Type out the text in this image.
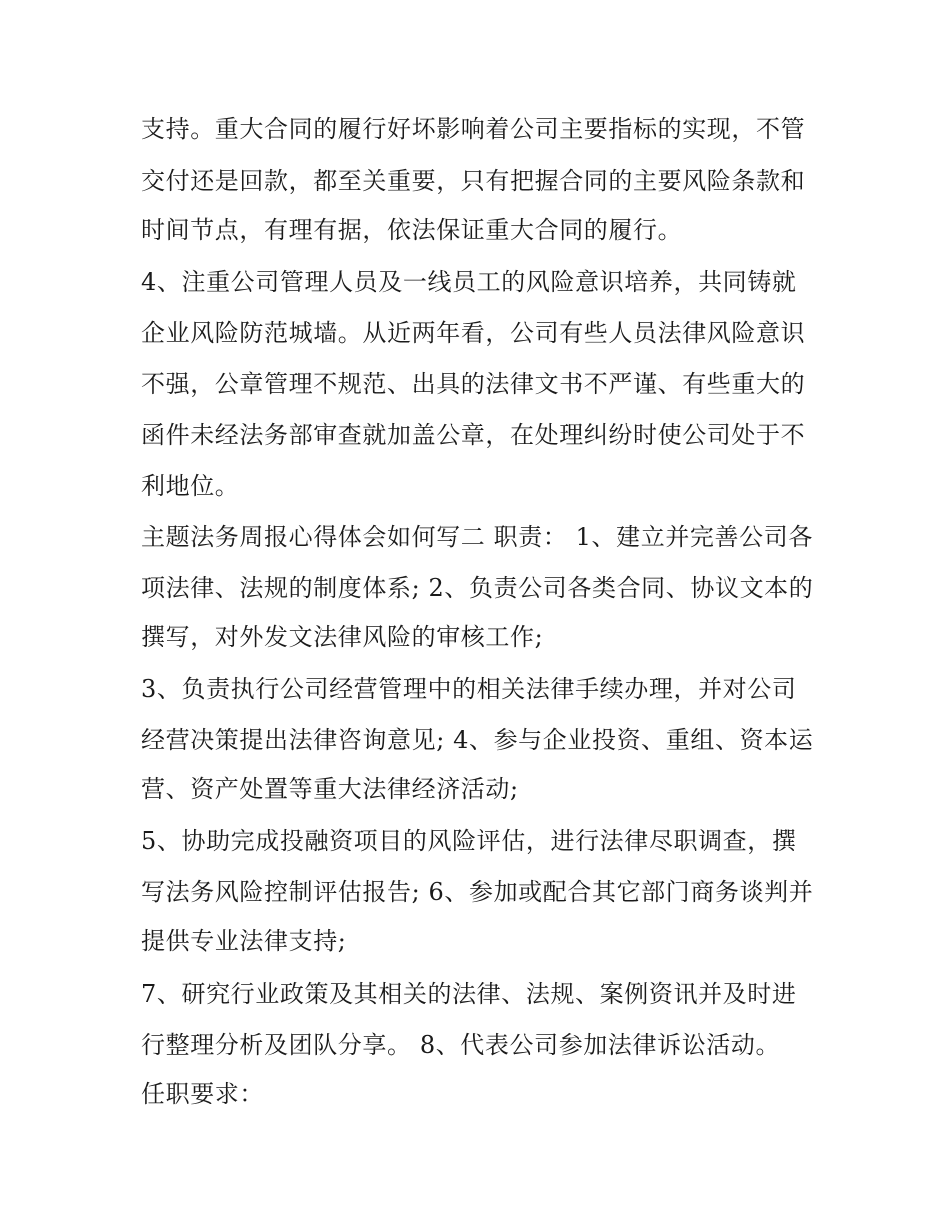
支持。重大合同的履行好坏影响着公司主要指标的实现，不管
交付还是回款，都至关重要，只有把握合同的主要风险条款和
时间节点，有理有据，依法保证重大合同的履行。
4、注重公司管理人员及一线员工的风险意识培养，共同铸就
企业风险防范城墙。从近两年看，公司有些人员法律风险意识
不强，公章管理不规范、出具的法律文书不严谨、有些重大的
函件未经法务部审查就加盖公章，在处理纠纷时使公司处于不
利地位。
主题法务周报心得体会如何写二 职责： 1、建立并完善公司各
项法律、法规的制度体系; 2、负责公司各类合同、协议文本的
撰写，对外发文法律风险的审核工作;
3、负责执行公司经营管理中的相关法律手续办理，并对公司
经营决策提出法律咨询意见; 4、参与企业投资、重组、资本运
营、资产处置等重大法律经济活动;
5、协助完成投融资项目的风险评估，进行法律尽职调查，撰
写法务风险控制评估报告; 6、参加或配合其它部门商务谈判并
提供专业法律支持;
7、研究行业政策及其相关的法律、法规、案例资讯并及时进
行整理分析及团队分享。 8、代表公司参加法律诉讼活动。
任职要求：
